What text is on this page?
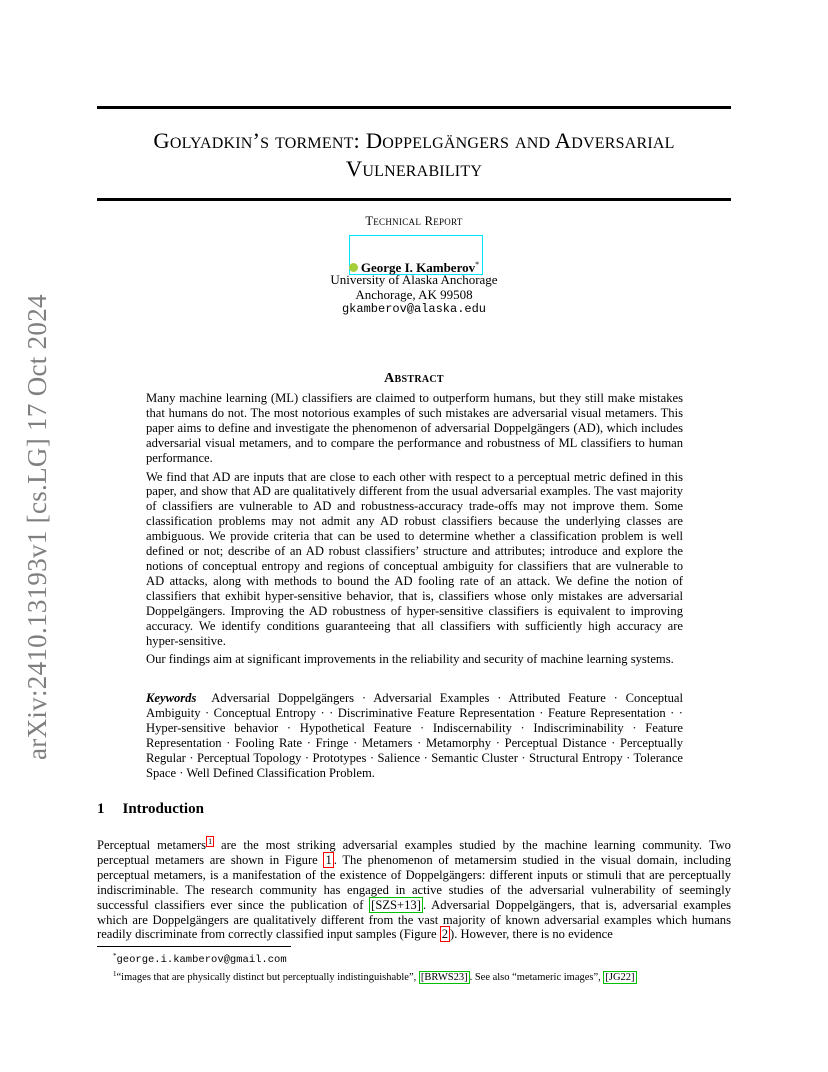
arXiv:2410.13193v1 [cs.LG] 17 Oct 2024
Golyadkin’s torment: Doppelgängers and Adversarial
Vulnerability
Technical Report
George I. Kamberov*
University of Alaska Anchorage
Anchorage, AK 99508
gkamberov@alaska.edu
Abstract

Many machine learning (ML) classifiers are claimed to outperform humans, but they still make mistakes that humans do not. The most notorious examples of such mistakes are adversarial visual metamers. This paper aims to define and investigate the phenomenon of adversarial Doppelgängers (AD), which includes adversarial visual metamers, and to compare the performance and robustness of ML classifiers to human performance.

We find that AD are inputs that are close to each other with respect to a perceptual metric defined in this paper, and show that AD are qualitatively different from the usual adversarial examples. The vast majority of classifiers are vulnerable to AD and robustness-accuracy trade-offs may not improve them. Some classification problems may not admit any AD robust classifiers because the underlying classes are ambiguous. We provide criteria that can be used to determine whether a classification problem is well defined or not; describe of an AD robust classifiers’ structure and attributes; introduce and explore the notions of conceptual entropy and regions of conceptual ambiguity for classifiers that are vulnerable to AD attacks, along with methods to bound the AD fooling rate of an attack. We define the notion of classifiers that exhibit hyper-sensitive behavior, that is, classifiers whose only mistakes are adversarial Doppelgängers. Improving the AD robustness of hyper-sensitive classifiers is equivalent to improving accuracy. We identify conditions guaranteeing that all classifiers with sufficiently high accuracy are hyper-sensitive.

Our findings aim at significant improvements in the reliability and security of machine learning systems.

Keywords Adversarial Doppelgängers · Adversarial Examples · Attributed Feature · Conceptual Ambiguity · Conceptual Entropy · · Discriminative Feature Representation · Feature Representation · · Hyper-sensitive behavior · Hypothetical Feature · Indiscernability · Indiscriminability · Feature Representation · Fooling Rate · Fringe · Metamers · Metamorphy · Perceptual Distance · Perceptually Regular · Perceptual Topology · Prototypes · Salience · Semantic Cluster · Structural Entropy · Tolerance Space · Well Defined Classification Problem.
1 Introduction
Perceptual metamers $^1$ are the most striking adversarial examples studied by the machine learning community. Two perceptual metamers are shown in Figure 1 . The phenomenon of metamersim studied in the visual domain, including perceptual metamers, is a manifestation of the existence of Doppelgängers: different inputs or stimuli that are perceptually indiscriminable. The research community has engaged in active studies of the adversarial vulnerability of seemingly successful classifiers ever since the publication of [SZS+13] . Adversarial Doppelgängers, that is, adversarial examples which are Doppelgängers are qualitatively different from the vast majority of known adversarial examples which humans readily discriminate from correctly classified input samples (Figure 2 ). However, there is no evidence
*george.i.kamberov@gmail.com
$^1$“images that are physically distinct but perceptually indistinguishable”, [BRWS23] . See also “metameric images”, [JG22]
